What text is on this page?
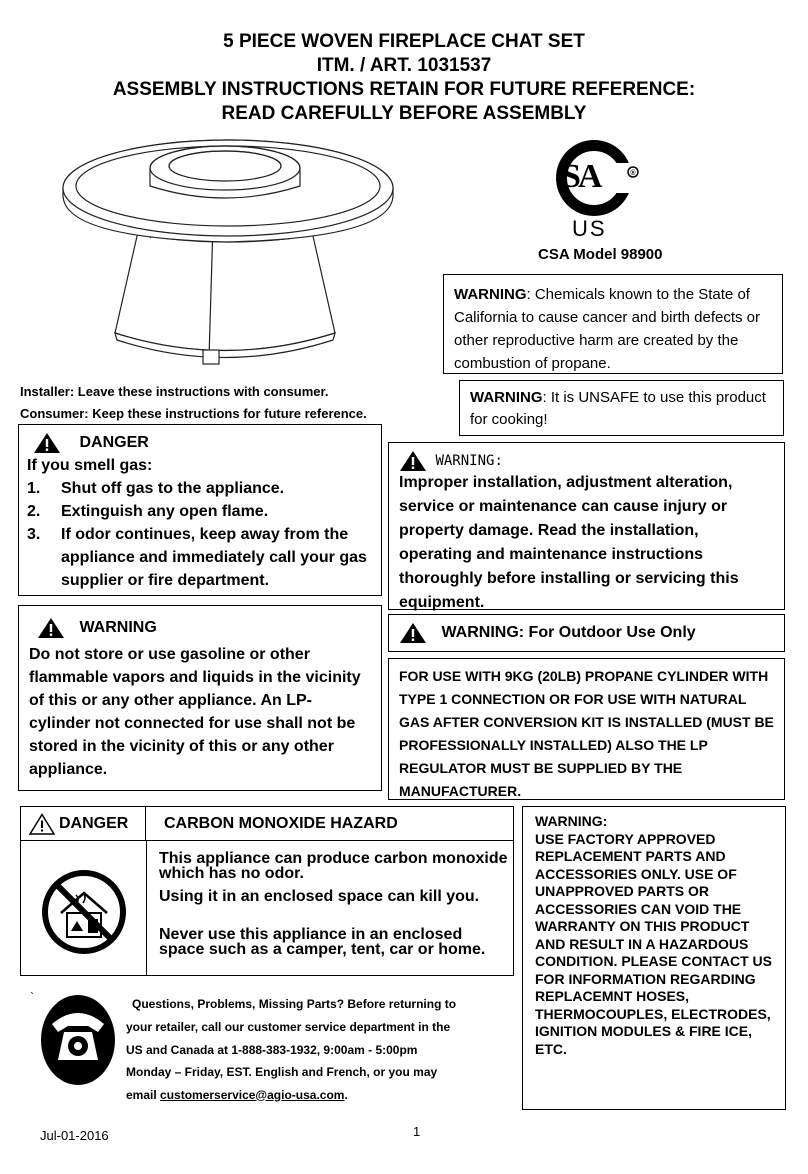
5 PIECE WOVEN FIREPLACE CHAT SET
ITM. / ART. 1031537
ASSEMBLY INSTRUCTIONS RETAIN FOR FUTURE REFERENCE:
READ CAREFULLY BEFORE ASSEMBLY
®
SA
US
CSA Model 98900
WARNING: Chemicals known to the State of California to cause cancer and birth defects or other reproductive harm are created by the combustion of propane.
WARNING: It is UNSAFE to use this product for cooking!
Installer: Leave these instructions with consumer.
Consumer: Keep these instructions for future reference.
DANGER
If you smell gas:
1. Shut off gas to the appliance.
2. Extinguish any open flame.
3. If odor continues, keep away from the appliance and immediately call your gas supplier or fire department.
WARNING:
Improper installation, adjustment alteration, service or maintenance can cause injury or property damage. Read the installation, operating and maintenance instructions thoroughly before installing or servicing this equipment.
WARNING
Do not store or use gasoline or other flammable vapors and liquids in the vicinity of this or any other appliance. An LP-cylinder not connected for use shall not be stored in the vicinity of this or any other appliance.
WARNING: For Outdoor Use Only
FOR USE WITH 9KG (20LB) PROPANE CYLINDER WITH TYPE 1 CONNECTION OR FOR USE WITH NATURAL GAS AFTER CONVERSION KIT IS INSTALLED (MUST BE PROFESSIONALLY INSTALLED) ALSO THE LP REGULATOR MUST BE SUPPLIED BY THE MANUFACTURER.
DANGER CARBON MONOXIDE HAZARD
This appliance can produce carbon monoxide which has no odor.
Using it in an enclosed space can kill you.
Never use this appliance in an enclosed space such as a camper, tent, car or home.
WARNING:
USE FACTORY APPROVED REPLACEMENT PARTS AND ACCESSORIES ONLY. USE OF UNAPPROVED PARTS OR ACCESSORIES CAN VOID THE WARRANTY ON THIS PRODUCT AND RESULT IN A HAZARDOUS CONDITION. PLEASE CONTACT US FOR INFORMATION REGARDING REPLACEMNT HOSES, THERMOCOUPLES, ELECTRODES, IGNITION MODULES & FIRE ICE, ETC.
`	Questions, Problems, Missing Parts? Before returning to
your retailer, call our customer service department in the
US and Canada at 1-888-383-1932, 9:00am - 5:00pm
Monday – Friday, EST. English and French, or you may
email customerservice@agio-usa.com.
1
Jul-01-2016
